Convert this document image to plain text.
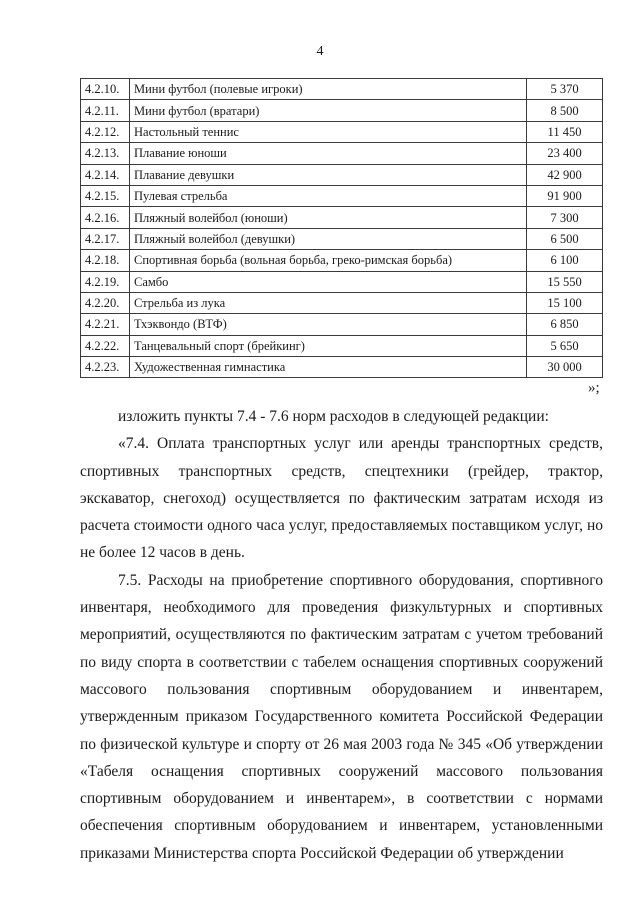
4
4.2.10.	Мини футбол (полевые игроки)	5 370
4.2.11.	Мини футбол (вратари)	8 500
4.2.12.	Настольный теннис	11 450
4.2.13.	Плавание юноши	23 400
4.2.14.	Плавание девушки	42 900
4.2.15.	Пулевая стрельба	91 900
4.2.16.	Пляжный волейбол (юноши)	7 300
4.2.17.	Пляжный волейбол (девушки)	6 500
4.2.18.	Спортивная борьба (вольная борьба, греко-римская борьба)	6 100
4.2.19.	Самбо	15 550
4.2.20.	Стрельба из лука	15 100
4.2.21.	Тхэквондо (ВТФ)	6 850
4.2.22.	Танцевальный спорт (брейкинг)	5 650
4.2.23.	Художественная гимнастика	30 000
»;

изложить пункты 7.4 - 7.6 норм расходов в следующей редакции:

«7.4. Оплата транспортных услуг или аренды транспортных средств, спортивных транспортных средств, спецтехники (грейдер, трактор, экскаватор, снегоход) осуществляется по фактическим затратам исходя из расчета стоимости одного часа услуг, предоставляемых поставщиком услуг, но не более 12 часов в день.

7.5. Расходы на приобретение спортивного оборудования, спортивного инвентаря, необходимого для проведения физкультурных и спортивных мероприятий, осуществляются по фактическим затратам с учетом требований по виду спорта в соответствии с табелем оснащения спортивных сооружений массового пользования спортивным оборудованием и инвентарем, утвержденным приказом Государственного комитета Российской Федерации по физической культуре и спорту от 26 мая 2003 года № 345 «Об утверждении «Табеля оснащения спортивных сооружений массового пользования спортивным оборудованием и инвентарем», в соответствии с нормами обеспечения спортивным оборудованием и инвентарем, установленными приказами Министерства спорта Российской Федерации об утверждении
